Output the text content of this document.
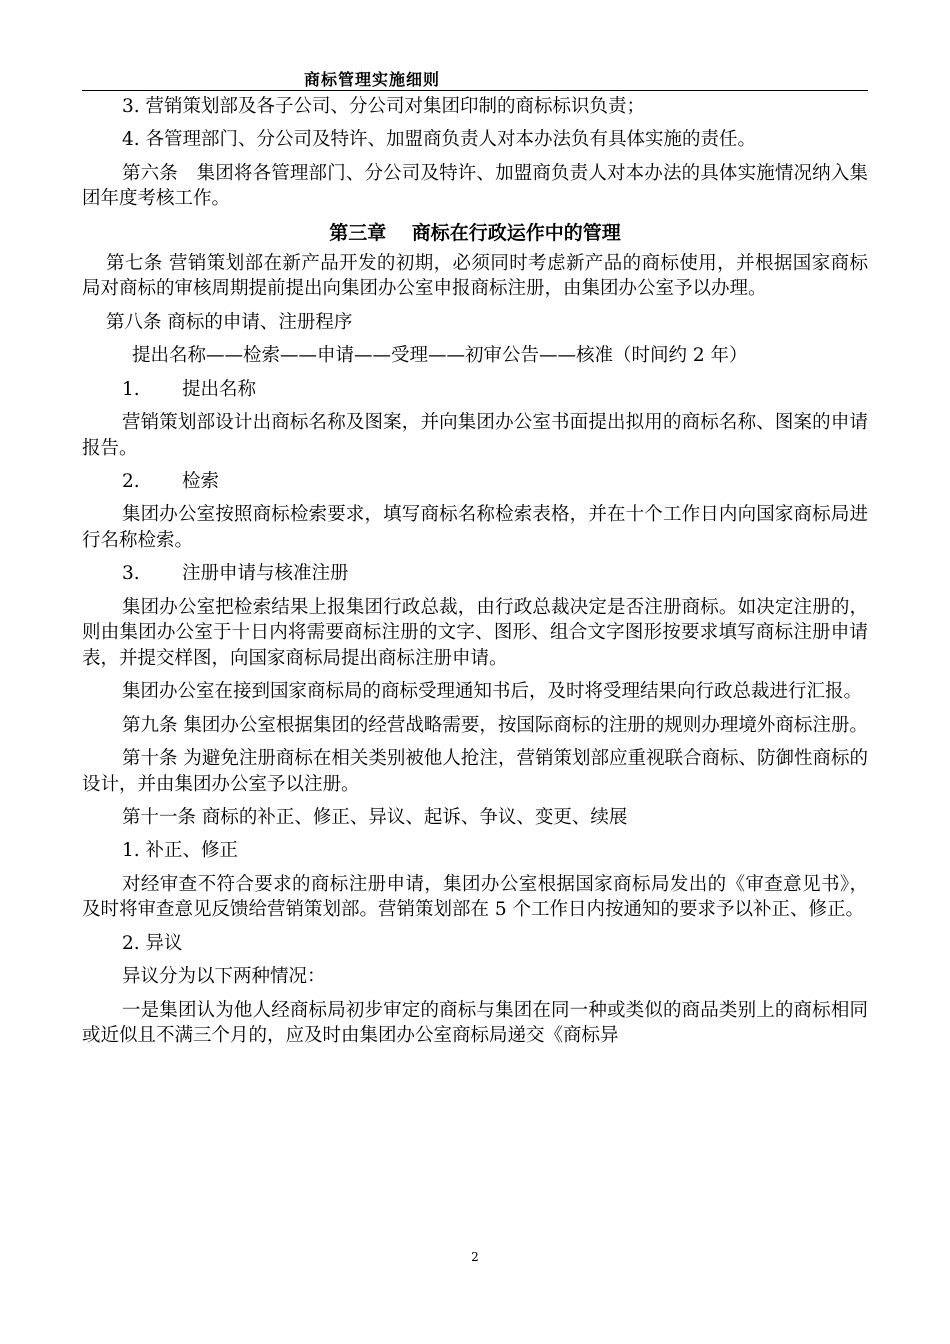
商标管理实施细则

3. 营销策划部及各子公司、分公司对集团印制的商标标识负责；

4. 各管理部门、分公司及特许、加盟商负责人对本办法负有具体实施的责任。

第六条　集团将各管理部门、分公司及特许、加盟商负责人对本办法的具体实施情况纳入集团年度考核工作。

第三章　 商标在行政运作中的管理

第七条 营销策划部在新产品开发的初期，必须同时考虑新产品的商标使用，并根据国家商标局对商标的审核周期提前提出向集团办公室申报商标注册，由集团办公室予以办理。

第八条 商标的申请、注册程序

提出名称——检索——申请——受理——初审公告——核准（时间约 2 年）

1. 提出名称

营销策划部设计出商标名称及图案，并向集团办公室书面提出拟用的商标名称、图案的申请报告。

2. 检索

集团办公室按照商标检索要求，填写商标名称检索表格，并在十个工作日内向国家商标局进行名称检索。

3. 注册申请与核准注册

集团办公室把检索结果上报集团行政总裁，由行政总裁决定是否注册商标。如决定注册的，则由集团办公室于十日内将需要商标注册的文字、图形、组合文字图形按要求填写商标注册申请表，并提交样图，向国家商标局提出商标注册申请。

集团办公室在接到国家商标局的商标受理通知书后，及时将受理结果向行政总裁进行汇报。

第九条 集团办公室根据集团的经营战略需要，按国际商标的注册的规则办理境外商标注册。

第十条 为避免注册商标在相关类别被他人抢注，营销策划部应重视联合商标、防御性商标的设计，并由集团办公室予以注册。

第十一条 商标的补正、修正、异议、起诉、争议、变更、续展

1. 补正、修正

对经审查不符合要求的商标注册申请，集团办公室根据国家商标局发出的《审查意见书》，及时将审查意见反馈给营销策划部。营销策划部在 5 个工作日内按通知的要求予以补正、修正。

2. 异议

异议分为以下两种情况：

一是集团认为他人经商标局初步审定的商标与集团在同一种或类似的商品类别上的商标相同或近似且不满三个月的，应及时由集团办公室商标局递交《商标异

2
